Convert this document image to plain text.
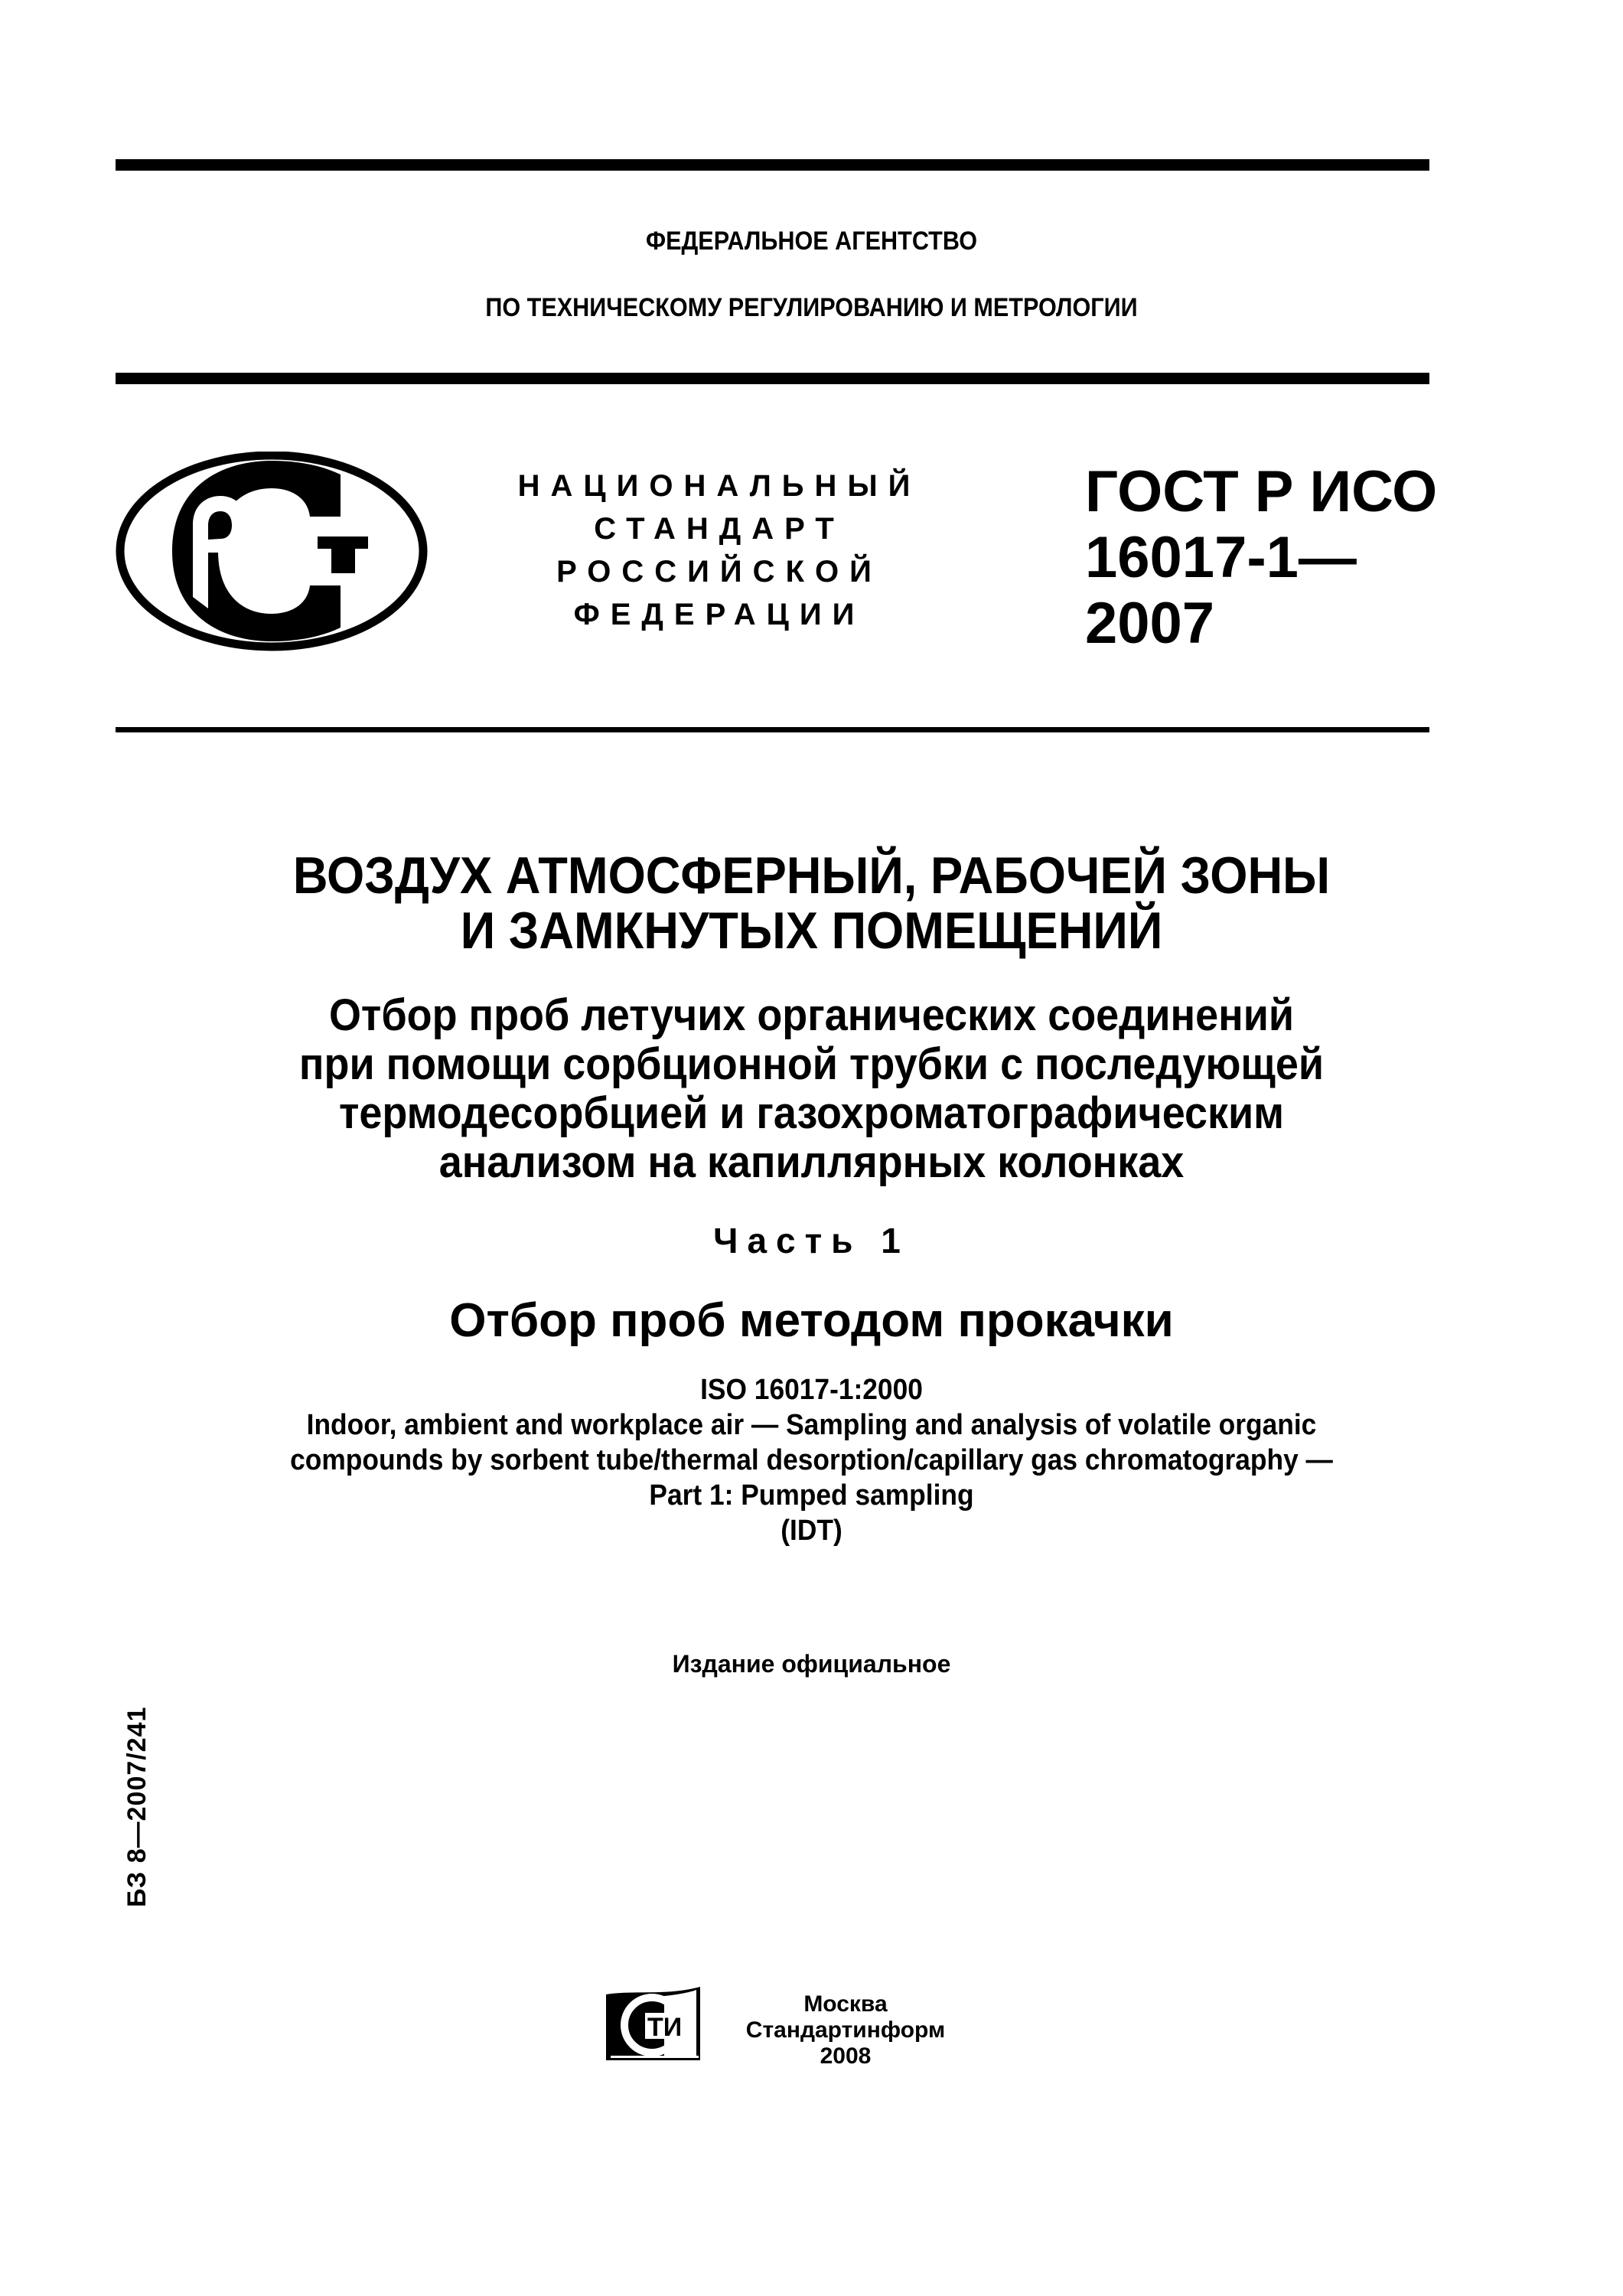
ФЕДЕРАЛЬНОЕ АГЕНТСТВО
ПО ТЕХНИЧЕСКОМУ РЕГУЛИРОВАНИЮ И МЕТРОЛОГИИ
НАЦИОНАЛЬНЫЙ
СТАНДАРТ
РОССИЙСКОЙ
ФЕДЕРАЦИИ
ГОСТ Р ИСО
16017-1—
2007
ВОЗДУХ АТМОСФЕРНЫЙ, РАБОЧЕЙ ЗОНЫ
И ЗАМКНУТЫХ ПОМЕЩЕНИЙ
Отбор проб летучих органических соединений
при помощи сорбционной трубки с последующей
термодесорбцией и газохроматографическим
анализом на капиллярных колонках
Часть 1
Отбор проб методом прокачки
ISO 16017-1:2000
Indoor, ambient and workplace air — Sampling and analysis of volatile organic
compounds by sorbent tube/thermal desorption/capillary gas chromatography —
Part 1: Pumped sampling
(IDT)
Издание официальное
БЗ 8—2007/241
ТИ
Москва
Стандартинформ
2008
